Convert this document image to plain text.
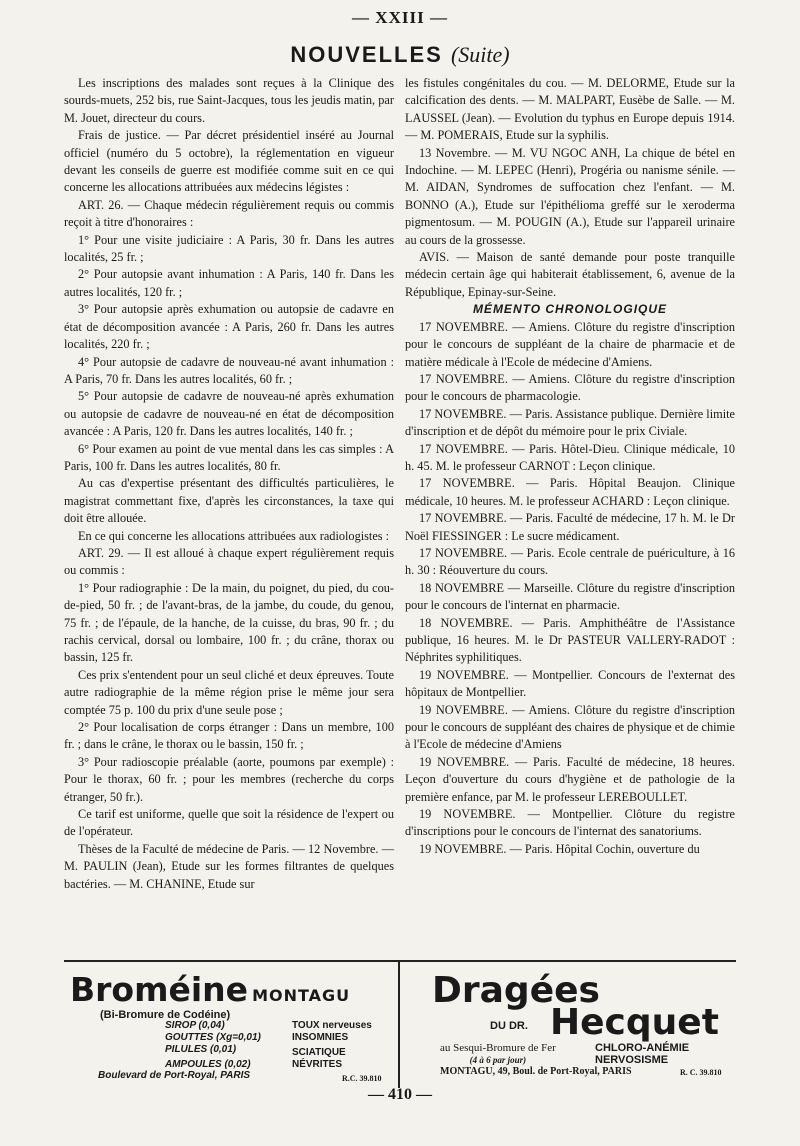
— XXIII —
NOUVELLES (Suite)

Les inscriptions des malades sont reçues à la Clinique des sourds-muets, 252 bis, rue Saint-Jacques, tous les jeudis matin, par M. Jouet, directeur du cours.

Frais de justice. — Par décret présidentiel inséré au Journal officiel (numéro du 5 octobre), la réglementation en vigueur devant les conseils de guerre est modifiée comme suit en ce qui concerne les allocations attribuées aux médecins légistes :

ART. 26. — Chaque médecin régulièrement requis ou commis reçoit à titre d'honoraires :

1° Pour une visite judiciaire : A Paris, 30 fr. Dans les autres localités, 25 fr. ;

2° Pour autopsie avant inhumation : A Paris, 140 fr. Dans les autres localités, 120 fr. ;

3° Pour autopsie après exhumation ou autopsie de cadavre en état de décomposition avancée : A Paris, 260 fr. Dans les autres localités, 220 fr. ;

4° Pour autopsie de cadavre de nouveau-né avant inhumation : A Paris, 70 fr. Dans les autres localités, 60 fr. ;

5° Pour autopsie de cadavre de nouveau-né après exhumation ou autopsie de cadavre de nouveau-né en état de décomposition avancée : A Paris, 120 fr. Dans les autres localités, 140 fr. ;

6° Pour examen au point de vue mental dans les cas simples : A Paris, 100 fr. Dans les autres localités, 80 fr.

Au cas d'expertise présentant des difficultés particulières, le magistrat commettant fixe, d'après les circonstances, la taxe qui doit être allouée.

En ce qui concerne les allocations attribuées aux radiologistes :

ART. 29. — Il est alloué à chaque expert régulièrement requis ou commis :

1° Pour radiographie : De la main, du poignet, du pied, du cou-de-pied, 50 fr. ; de l'avant-bras, de la jambe, du coude, du genou, 75 fr. ; de l'épaule, de la hanche, de la cuisse, du bras, 90 fr. ; du rachis cervical, dorsal ou lombaire, 100 fr. ; du crâne, thorax ou bassin, 125 fr.

Ces prix s'entendent pour un seul cliché et deux épreuves. Toute autre radiographie de la même région prise le même jour sera comptée 75 p. 100 du prix d'une seule pose ;

2° Pour localisation de corps étranger : Dans un membre, 100 fr. ; dans le crâne, le thorax ou le bassin, 150 fr. ;

3° Pour radioscopie préalable (aorte, poumons par exemple) : Pour le thorax, 60 fr. ; pour les membres (recherche du corps étranger, 50 fr.).

Ce tarif est uniforme, quelle que soit la résidence de l'expert ou de l'opérateur.

Thèses de la Faculté de médecine de Paris. — 12 Novembre. — M. PAULIN (Jean), Etude sur les formes filtrantes de quelques bactéries. — M. CHANINE, Etude sur

les fistules congénitales du cou. — M. DELORME, Etude sur la calcification des dents. — M. MALPART, Eusèbe de Salle. — M. LAUSSEL (Jean). — Evolution du typhus en Europe depuis 1914. — M. POMERAIS, Etude sur la syphilis.

13 Novembre. — M. VU NGOC ANH, La chique de bétel en Indochine. — M. LEPEC (Henri), Progéria ou nanisme sénile. — M. AIDAN, Syndromes de suffocation chez l'enfant. — M. BONNO (A.), Etude sur l'épithélioma greffé sur le xeroderma pigmentosum. — M. POUGIN (A.), Etude sur l'appareil urinaire au cours de la grossesse.

AVIS. — Maison de santé demande pour poste tranquille médecin certain âge qui habiterait établissement, 6, avenue de la République, Epinay-sur-Seine.

MÉMENTO CHRONOLOGIQUE

17 NOVEMBRE. — Amiens. Clôture du registre d'inscription pour le concours de suppléant de la chaire de pharmacie et de matière médicale à l'Ecole de médecine d'Amiens.

17 NOVEMBRE. — Amiens. Clôture du registre d'inscription pour le concours de pharmacologie.

17 NOVEMBRE. — Paris. Assistance publique. Dernière limite d'inscription et de dépôt du mémoire pour le prix Civiale.

17 NOVEMBRE. — Paris. Hôtel-Dieu. Clinique médicale, 10 h. 45. M. le professeur CARNOT : Leçon clinique.

17 NOVEMBRE. — Paris. Hôpital Beaujon. Clinique médicale, 10 heures. M. le professeur ACHARD : Leçon clinique.

17 NOVEMBRE. — Paris. Faculté de médecine, 17 h. M. le Dr Noël FIESSINGER : Le sucre médicament.

17 NOVEMBRE. — Paris. Ecole centrale de puériculture, à 16 h. 30 : Réouverture du cours.

18 NOVEMBRE — Marseille. Clôture du registre d'inscription pour le concours de l'internat en pharmacie.

18 NOVEMBRE. — Paris. Amphithéâtre de l'Assistance publique, 16 heures. M. le Dr PASTEUR VALLERY-RADOT : Néphrites syphilitiques.

19 NOVEMBRE. — Montpellier. Concours de l'externat des hôpitaux de Montpellier.

19 NOVEMBRE. — Amiens. Clôture du registre d'inscription pour le concours de suppléant des chaires de physique et de chimie à l'Ecole de médecine d'Amiens

19 NOVEMBRE. — Paris. Faculté de médecine, 18 heures. Leçon d'ouverture du cours d'hygiène et de pathologie de la première enfance, par M. le professeur LEREBOULLET.

19 NOVEMBRE. — Montpellier. Clôture du registre d'inscriptions pour le concours de l'internat des sanatoriums.

19 NOVEMBRE. — Paris. Hôpital Cochin, ouverture du

Broméine MONTAGU
(Bi-Bromure de Codéine)
SIROP (0,04)
GOUTTES (Xg=0,01)
PILULES (0,01)
AMPOULES (0,02)
TOUX nerveuses
INSOMNIES
SCIATIQUE
NÉVRITES
Boulevard de Port-Royal, PARIS	R.C. 39.810
Dragées
DU DR. Hecquet
au Sesqui-Bromure de Fer
(4 à 6 par jour)
CHLORO-ANÉMIE
NERVOSISME
MONTAGU, 49, Boul. de Port-Royal, PARIS	R. C. 39.810
— 410 —
